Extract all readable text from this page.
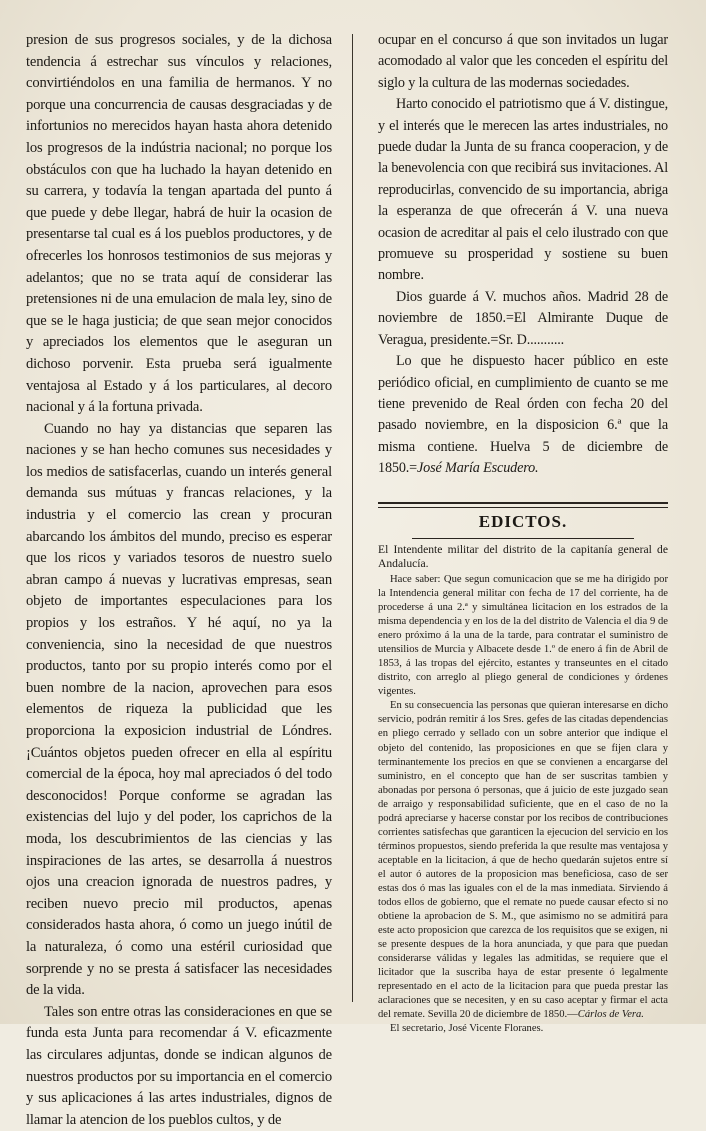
presion de sus progresos sociales, y de la dichosa tendencia á estrechar sus vínculos y relaciones, convirtiéndolos en una familia de hermanos. Y no porque una concurrencia de causas desgraciadas y de infortunios no merecidos hayan hasta ahora detenido los progresos de la indústria nacional; no porque los obstáculos con que ha luchado la hayan detenido en su carrera, y todavía la tengan apartada del punto á que puede y debe llegar, habrá de huir la ocasion de presentarse tal cual es á los pueblos productores, y de ofrecerles los honrosos testimonios de sus mejoras y adelantos; que no se trata aquí de considerar las pretensiones ni de una emulacion de mala ley, sino de que se le haga justicia; de que sean mejor conocidos y apreciados los elementos que le aseguran un dichoso porvenir. Esta prueba será igualmente ventajosa al Estado y á los particulares, al decoro nacional y á la fortuna privada.

Cuando no hay ya distancias que separen las naciones y se han hecho comunes sus necesidades y los medios de satisfacerlas, cuando un interés general demanda sus mútuas y francas relaciones, y la industria y el comercio las crean y procuran abarcando los ámbitos del mundo, preciso es esperar que los ricos y variados tesoros de nuestro suelo abran campo á nuevas y lucrativas empresas, sean objeto de importantes especulaciones para los propios y los estraños. Y hé aquí, no ya la conveniencia, sino la necesidad de que nuestros productos, tanto por su propio interés como por el buen nombre de la nacion, aprovechen para esos elementos de riqueza la publicidad que les proporciona la exposicion industrial de Lóndres. ¡Cuántos objetos pueden ofrecer en ella al espíritu comercial de la época, hoy mal apreciados ó del todo desconocidos! Porque conforme se agradan las existencias del lujo y del poder, los caprichos de la moda, los descubrimientos de las ciencias y las inspiraciones de las artes, se desarrolla á nuestros ojos una creacion ignorada de nuestros padres, y reciben nuevo precio mil productos, apenas considerados hasta ahora, ó como un juego inútil de la naturaleza, ó como una estéril curiosidad que sorprende y no se presta á satisfacer las necesidades de la vida.

Tales son entre otras las consideraciones en que se funda esta Junta para recomendar á V. eficazmente las circulares adjuntas, donde se indican algunos de nuestros productos por su importancia en el comercio y sus aplicaciones á las artes industriales, dignos de llamar la atencion de los pueblos cultos, y de

ocupar en el concurso á que son invitados un lugar acomodado al valor que les conceden el espíritu del siglo y la cultura de las modernas sociedades.

Harto conocido el patriotismo que á V. distingue, y el interés que le merecen las artes industriales, no puede dudar la Junta de su franca cooperacion, y de la benevolencia con que recibirá sus invitaciones. Al reproducirlas, convencido de su importancia, abriga la esperanza de que ofrecerán á V. una nueva ocasion de acreditar al pais el celo ilustrado con que promueve su prosperidad y sostiene su buen nombre.

Dios guarde á V. muchos años. Madrid 28 de noviembre de 1850.=El Almirante Duque de Veragua, presidente.=Sr. D...........

Lo que he dispuesto hacer público en este periódico oficial, en cumplimiento de cuanto se me tiene prevenido de Real órden con fecha 20 del pasado noviembre, en la disposicion 6.ª que la misma contiene. Huelva 5 de diciembre de 1850.=José María Escudero.

EDICTOS.

El Intendente militar del distrito de la capitanía general de Andalucía.

Hace saber: Que segun comunicacion que se me ha dirigido por la Intendencia general militar con fecha de 17 del corriente, ha de procederse á una 2.ª y simultánea licitacion en los estrados de la misma dependencia y en los de la del distrito de Valencia el dia 9 de enero próximo á la una de la tarde, para contratar el suministro de utensilios de Murcia y Albacete desde 1.º de enero á fin de Abril de 1853, á las tropas del ejército, estantes y transeuntes en el citado distrito, con arreglo al pliego general de condiciones y órdenes vigentes.

En su consecuencia las personas que quieran interesarse en dicho servicio, podrán remitir á los Sres. gefes de las citadas dependencias en pliego cerrado y sellado con un sobre anterior que indique el objeto del contenido, las proposiciones en que se fijen clara y terminantemente los precios en que se convienen a encargarse del suministro, en el concepto que han de ser suscritas tambien y abonadas por persona ó personas, que á juicio de este juzgado sean de arraigo y responsabilidad suficiente, que en el caso de no la podrá apreciarse y hacerse constar por los recibos de contribuciones corrientes satisfechas que garanticen la ejecucion del servicio en los términos propuestos, siendo preferida la que resulte mas ventajosa y aceptable en la licitacion, á que de hecho quedarán sujetos entre sí el autor ó autores de la proposicion mas beneficiosa, caso de ser estas dos ó mas las iguales con el de la mas inmediata. Sirviendo á todos ellos de gobierno, que el remate no puede causar efecto si no obtiene la aprobacion de S. M., que asimismo no se admitirá para este acto proposicion que carezca de los requisitos que se exigen, ni se presente despues de la hora anunciada, y que para que puedan considerarse válidas y legales las admitidas, se requiere que el licitador que la suscriba haya de estar presente ó legalmente representado en el acto de la licitacion para que pueda prestar las aclaraciones que se necesiten, y en su caso aceptar y firmar el acta del remate. Sevilla 20 de diciembre de 1850.—Cárlos de Vera.

El secretario, José Vicente Floranes.
